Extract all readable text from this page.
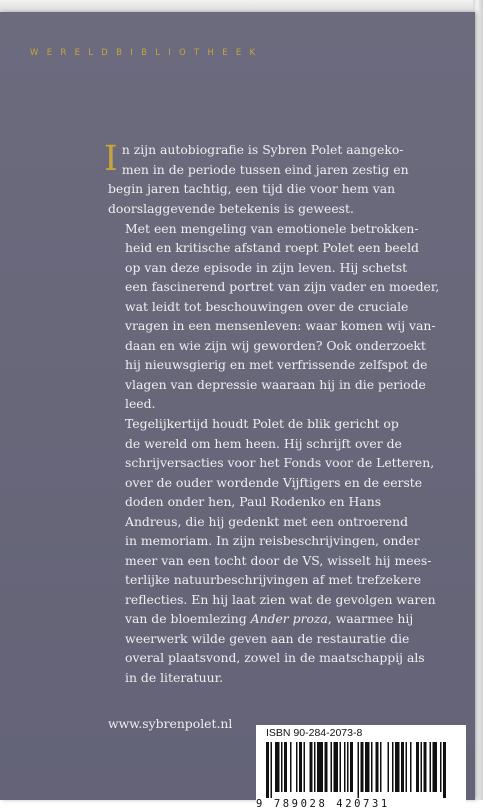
WERELDBIBLIOTHEEK

I n zijn autobiografie is Sybren Polet aangeko-
men in de periode tussen eind jaren zestig en
begin jaren tachtig, een tijd die voor hem van
doorslaggevende betekenis is geweest.

Met een mengeling van emotionele betrokken-
heid en kritische afstand roept Polet een beeld
op van deze episode in zijn leven. Hij schetst
een fascinerend portret van zijn vader en moeder,
wat leidt tot beschouwingen over de cruciale
vragen in een mensenleven: waar komen wij van-
daan en wie zijn wij geworden? Ook onderzoekt
hij nieuwsgierig en met verfrissende zelfspot de
vlagen van depressie waaraan hij in die periode
leed.

Tegelijkertijd houdt Polet de blik gericht op
de wereld om hem heen. Hij schrijft over de
schrijversacties voor het Fonds voor de Letteren,
over de ouder wordende Vijftigers en de eerste
doden onder hen, Paul Rodenko en Hans
Andreus, die hij gedenkt met een ontroerend
in memoriam. In zijn reisbeschrijvingen, onder
meer van een tocht door de VS, wisselt hij mees-
terlijke natuurbeschrijvingen af met trefzekere
reflecties. En hij laat zien wat de gevolgen waren
van de bloemlezing Ander proza, waarmee hij
weerwerk wilde geven aan de restauratie die
overal plaatsvond, zowel in de maatschappij als
in de literatuur.

www.sybrenpolet.nl
ISBN 90-284-2073-8
9 789028 420731
